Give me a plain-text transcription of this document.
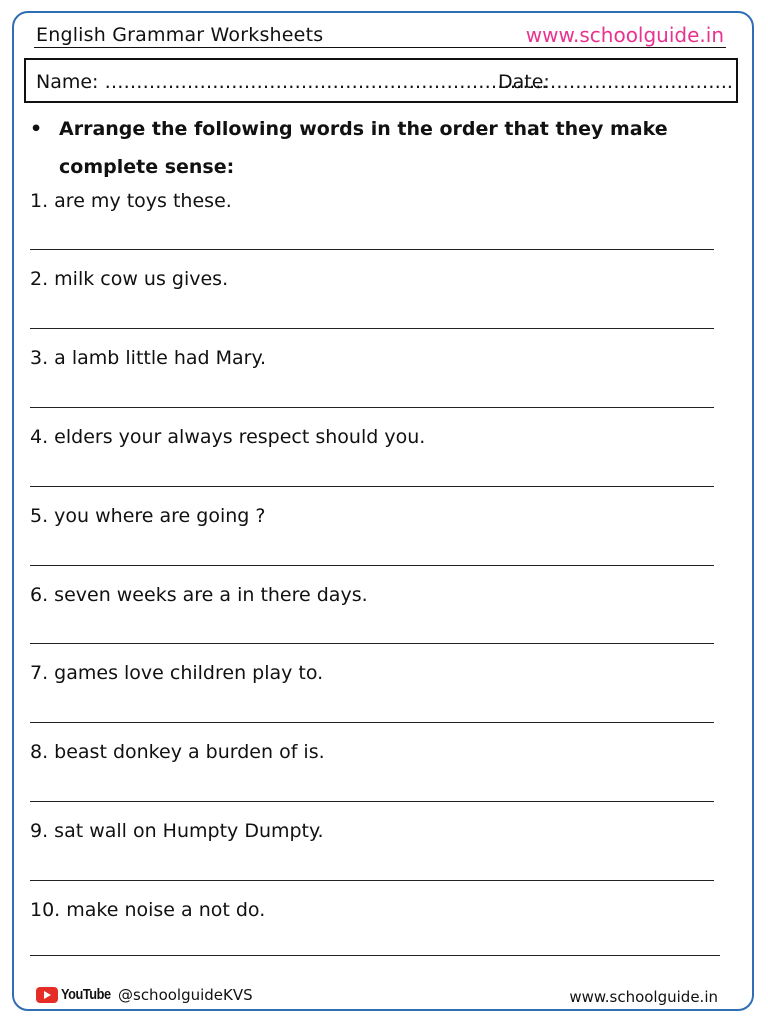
English Grammar Worksheets	www.schoolguide.in
Name: …………………………………………………………….
Date:………………………..
• Arrange the following words in the order that they make complete sense:
1. are my toys these.
2. milk cow us gives.
3. a lamb little had Mary.
4. elders your always respect should you.
5. you where are going ?
6. seven weeks are a in there days.
7. games love children play to.
8. beast donkey a burden of is.
9. sat wall on Humpty Dumpty.
10. make noise a not do.
YouTube @schoolguideKVS	www.schoolguide.in
